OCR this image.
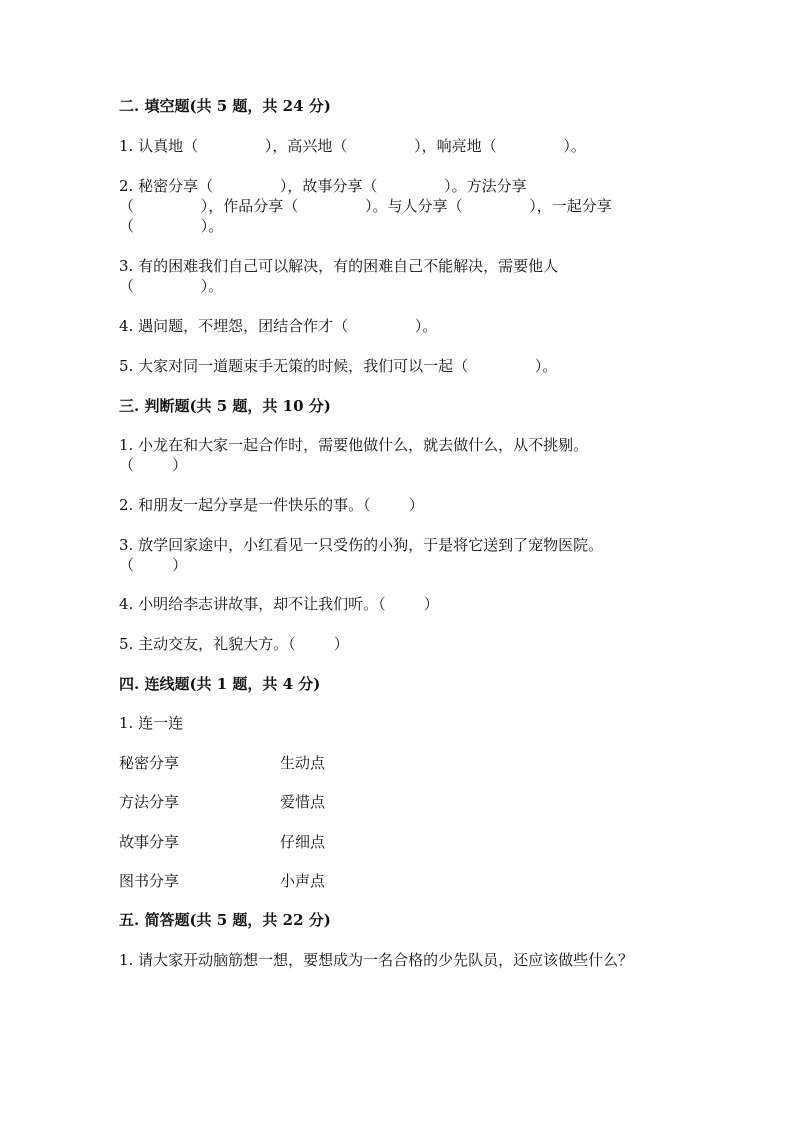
二. 填空题(共 5 题，共 24 分)
1. 认真地（              ），高兴地（              ），响亮地（              ）。
2. 秘密分享（              ），故事分享（              ）。方法分享
（              ），作品分享（              ）。与人分享（              ），一起分享
（              ）。
3. 有的困难我们自己可以解决，有的困难自己不能解决，需要他人
（              ）。
4. 遇问题，不埋怨，团结合作才（              ）。
5. 大家对同一道题束手无策的时候，我们可以一起（              ）。
三. 判断题(共 5 题，共 10 分)
1. 小龙在和大家一起合作时，需要他做什么，就去做什么，从不挑剔。
（        ）
2. 和朋友一起分享是一件快乐的事。（        ）
3. 放学回家途中，小红看见一只受伤的小狗，于是将它送到了宠物医院。
（        ）
4. 小明给李志讲故事，却不让我们听。（        ）
5. 主动交友，礼貌大方。（        ）
四. 连线题(共 1 题，共 4 分)
1. 连一连
秘密分享	生动点
方法分享	爱惜点
故事分享	仔细点
图书分享	小声点
五. 简答题(共 5 题，共 22 分)
1. 请大家开动脑筋想一想，要想成为一名合格的少先队员，还应该做些什么？
